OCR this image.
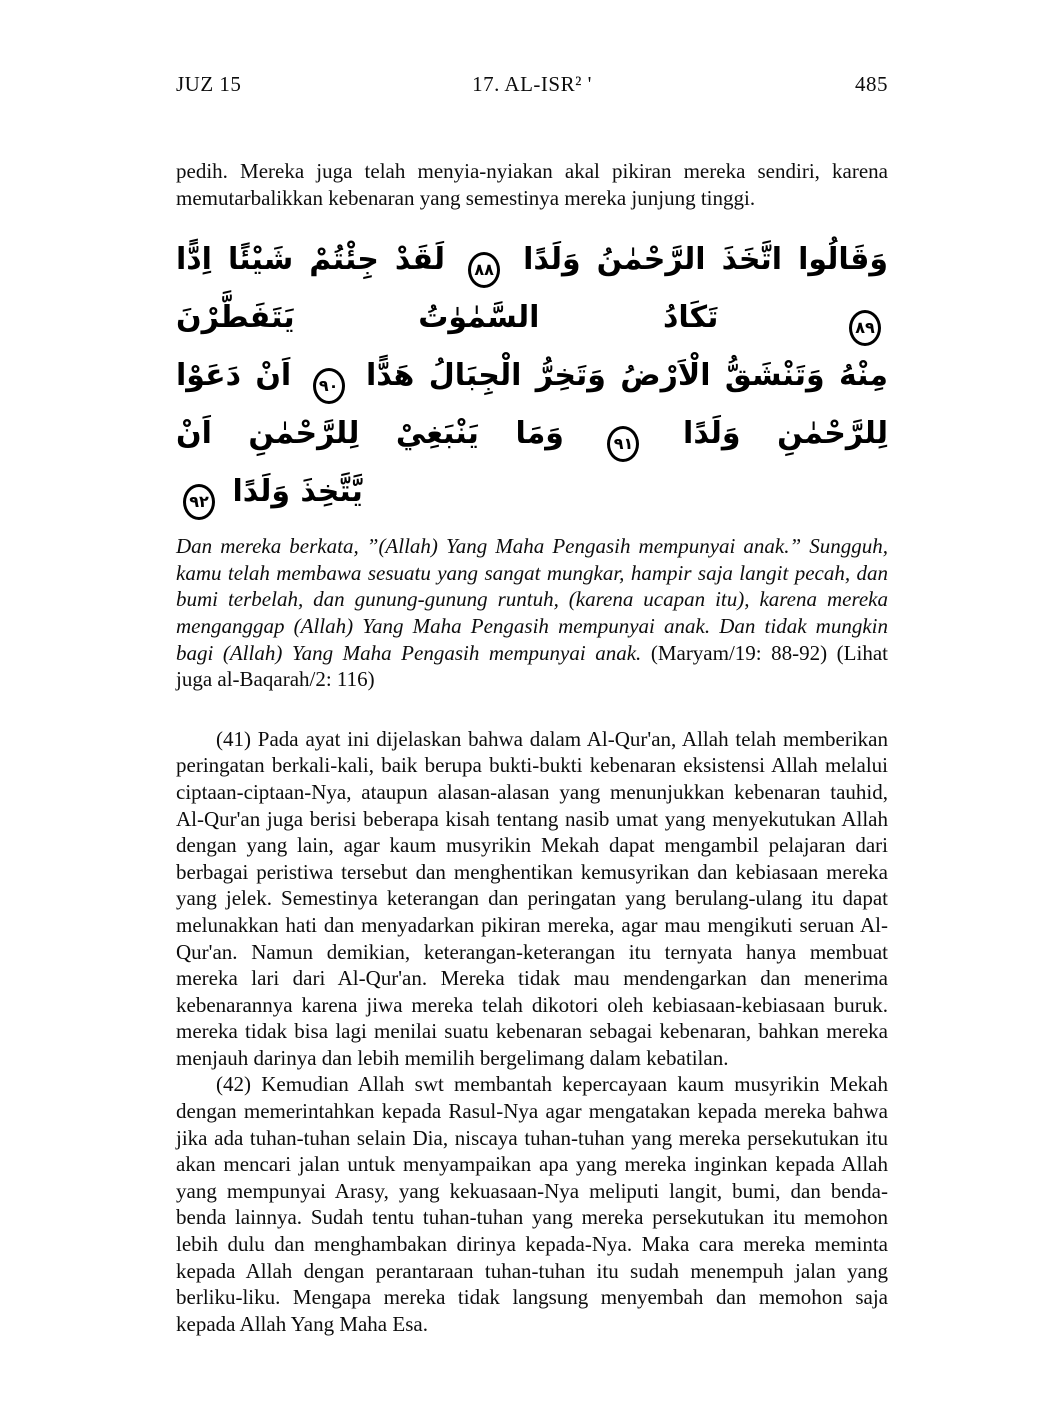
JUZ 15	17. AL-ISR² '	485

pedih. Mereka juga telah menyia-nyiakan akal pikiran mereka sendiri, karena memutarbalikkan kebenaran yang semestinya mereka junjung tinggi.

وَقَالُوا اتَّخَذَ الرَّحْمٰنُ وَلَدًا
٨٨
لَقَدْ جِئْتُمْ شَيْئًا اِدًّا
٨٩
تَكَادُ السَّمٰوٰتُ يَتَفَطَّرْنَ
مِنْهُ وَتَنْشَقُّ الْاَرْضُ وَتَخِرُّ الْجِبَالُ هَدًّا
٩٠
اَنْ دَعَوْا لِلرَّحْمٰنِ وَلَدًا
٩١
وَمَا يَنْبَغِيْ لِلرَّحْمٰنِ اَنْ
يَّتَّخِذَ وَلَدًا
٩٢

Dan mereka berkata, ”(Allah) Yang Maha Pengasih mempunyai anak.” Sungguh, kamu telah membawa sesuatu yang sangat mungkar, hampir saja langit pecah, dan bumi terbelah, dan gunung-gunung runtuh, (karena ucapan itu), karena mereka menganggap (Allah) Yang Maha Pengasih mempunyai anak. Dan tidak mungkin bagi (Allah) Yang Maha Pengasih mempunyai anak. (Maryam/19: 88-92) (Lihat juga al-Baqarah/2: 116)

(41) Pada ayat ini dijelaskan bahwa dalam Al-Qur'an, Allah telah memberikan peringatan berkali-kali, baik berupa bukti-bukti kebenaran eksistensi Allah melalui ciptaan-ciptaan-Nya, ataupun alasan-alasan yang menunjukkan kebenaran tauhid, Al-Qur'an juga berisi beberapa kisah tentang nasib umat yang menyekutukan Allah dengan yang lain, agar kaum musyrikin Mekah dapat mengambil pelajaran dari berbagai peristiwa tersebut dan menghentikan kemusyrikan dan kebiasaan mereka yang jelek. Semestinya keterangan dan peringatan yang berulang-ulang itu dapat melunakkan hati dan menyadarkan pikiran mereka, agar mau mengikuti seruan Al-Qur'an. Namun demikian, keterangan-keterangan itu ternyata hanya membuat mereka lari dari Al-Qur'an. Mereka tidak mau mendengarkan dan menerima kebenarannya karena jiwa mereka telah dikotori oleh kebiasaan-kebiasaan buruk. mereka tidak bisa lagi menilai suatu kebenaran sebagai kebenaran, bahkan mereka menjauh darinya dan lebih memilih bergelimang dalam kebatilan.

(42) Kemudian Allah swt membantah kepercayaan kaum musyrikin Mekah dengan memerintahkan kepada Rasul-Nya agar mengatakan kepada mereka bahwa jika ada tuhan-tuhan selain Dia, niscaya tuhan-tuhan yang mereka persekutukan itu akan mencari jalan untuk menyampaikan apa yang mereka inginkan kepada Allah yang mempunyai Arasy, yang kekuasaan-Nya meliputi langit, bumi, dan benda-benda lainnya. Sudah tentu tuhan-tuhan yang mereka persekutukan itu memohon lebih dulu dan menghambakan dirinya kepada-Nya. Maka cara mereka meminta kepada Allah dengan perantaraan tuhan-tuhan itu sudah menempuh jalan yang berliku-liku. Mengapa mereka tidak langsung menyembah dan memohon saja kepada Allah Yang Maha Esa.
